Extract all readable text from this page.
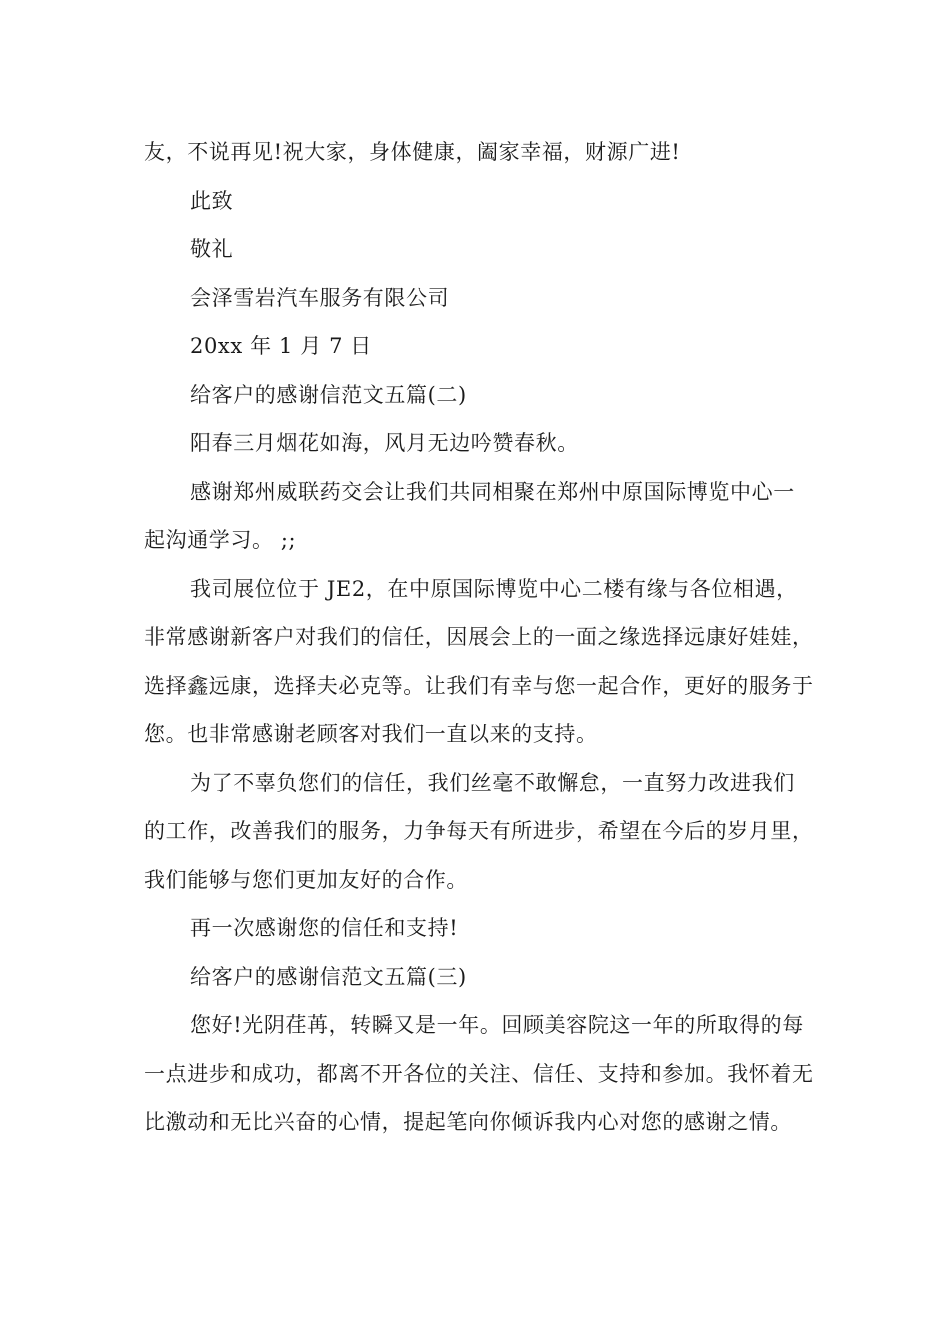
友，不说再见!祝大家，身体健康，阖家幸福，财源广进!

此致

敬礼

会泽雪岩汽车服务有限公司

20xx 年 1 月 7 日

给客户的感谢信范文五篇(二)

阳春三月烟花如海，风月无边吟赞春秋。

感谢郑州威联药交会让我们共同相聚在郑州中原国际博览中心一起沟通学习。 ;;

我司展位位于 JE2，在中原国际博览中心二楼有缘与各位相遇，非常感谢新客户对我们的信任，因展会上的一面之缘选择远康好娃娃，选择鑫远康，选择夫必克等。让我们有幸与您一起合作，更好的服务于您。也非常感谢老顾客对我们一直以来的支持。

为了不辜负您们的信任，我们丝毫不敢懈怠，一直努力改进我们的工作，改善我们的服务，力争每天有所进步，希望在今后的岁月里，我们能够与您们更加友好的合作。

再一次感谢您的信任和支持!

给客户的感谢信范文五篇(三)

您好!光阴荏苒，转瞬又是一年。回顾美容院这一年的所取得的每一点进步和成功，都离不开各位的关注、信任、支持和参加。我怀着无比激动和无比兴奋的心情，提起笔向你倾诉我内心对您的感谢之情。
